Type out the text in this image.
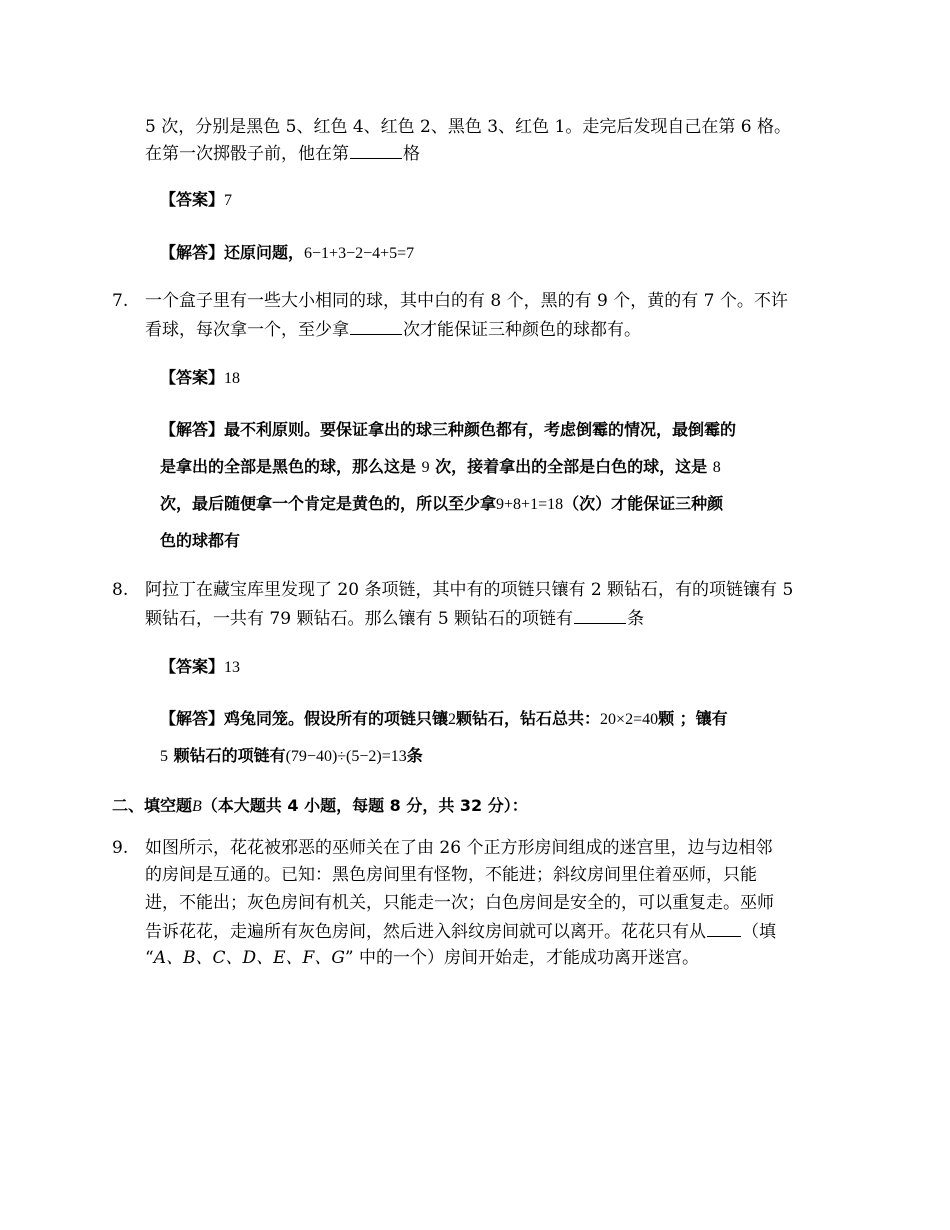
5 次，分别是黑色 5、红色 4、红色 2、黑色 3、红色 1。走完后发现自己在第 6 格。
在第一次掷骰子前，他在第	格
【答案】7
【解答】还原问题，6−1+3−2−4+5=7
7. 一个盒子里有一些大小相同的球，其中白的有 8 个，黑的有 9 个，黄的有 7 个。不许
看球，每次拿一个，至少拿	次才能保证三种颜色的球都有。
【答案】18
【解答】最不利原则。要保证拿出的球三种颜色都有，考虑倒霉的情况，最倒霉的
是拿出的全部是黑色的球，那么这是 9 次，接着拿出的全部是白色的球，这是 8
次，最后随便拿一个肯定是黄色的，所以至少拿9+8+1=18（次）才能保证三种颜
色的球都有
8. 阿拉丁在藏宝库里发现了 20 条项链，其中有的项链只镶有 2 颗钻石，有的项链镶有 5
颗钻石，一共有 79 颗钻石。那么镶有 5 颗钻石的项链有	条
【答案】13
【解答】鸡兔同笼。假设所有的项链只镶2颗钻石，钻石总共：20×2=40颗 ；镶有
5 颗钻石的项链有(79−40)÷(5−2)=13条
二、填空题B（本大题共 4 小题，每题 8 分，共 32 分）：
9. 如图所示，花花被邪恶的巫师关在了由 26 个正方形房间组成的迷宫里，边与边相邻
的房间是互通的。已知：黑色房间里有怪物，不能进；斜纹房间里住着巫师，只能
进，不能出；灰色房间有机关，只能走一次；白色房间是安全的，可以重复走。巫师
告诉花花，走遍所有灰色房间，然后进入斜纹房间就可以离开。花花只有从 （填
“A、B、C、D、E、F、G” 中的一个）房间开始走，才能成功离开迷宫。
